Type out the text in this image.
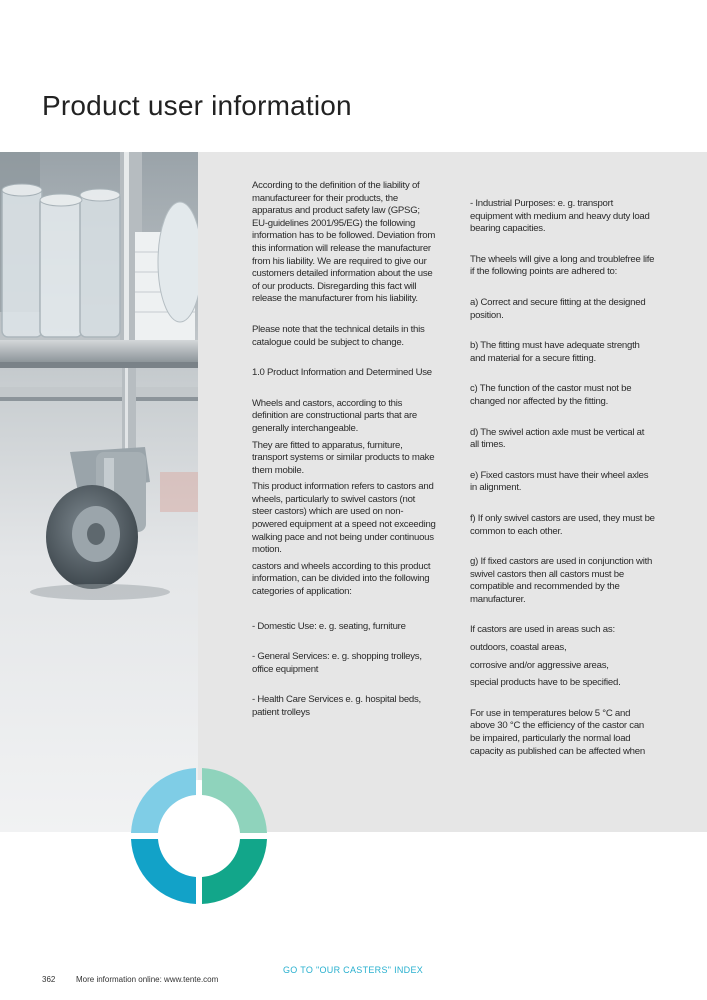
Product user information

According to the definition of the liability of manufactureer for their products, the apparatus and product safety law (GPSG; EU-guidelines 2001/95/EG) the following information has to be followed. Deviation from this information will release the manufacturer from his liability. We are required to give our customers detailed information about the use of our products. Disregarding this fact will release the manufacturer from his liability.

Please note that the technical details in this catalogue could be subject to change.

1.0 Product Information and Determined Use

Wheels and castors, according to this definition are constructional parts that are generally interchangeable.

They are fitted to apparatus, furniture, transport systems or similar products to make them mobile.

This product information refers to castors and wheels, particularly to swivel castors (not steer castors) which are used on non-powered equipment at a speed not exceeding walking pace and not being under continuous motion.

castors and wheels according to this product information, can be divided into the following categories of application:

- Domestic Use: e. g. seating, furniture

- General Services: e. g. shopping trolleys, office equipment

- Health Care Services e. g. hospital beds, patient trolleys

- Industrial Purposes: e. g. transport equipment with medium and heavy duty load bearing capacities.

The wheels will give a long and troublefree life if the following points are adhered to:

a) Correct and secure fitting at the designed position.

b) The fitting must have adequate strength and material for a secure fitting.

c) The function of the castor must not be changed nor affected by the fitting.

d) The swivel action axle must be vertical at all times.

e) Fixed castors must have their wheel axles in alignment.

f) If only swivel castors are used, they must be common to each other.

g) If fixed castors are used in conjunction with swivel castors then all castors must be compatible and recommended by the manufacturer.

If castors are used in areas such as:

outdoors, coastal areas,

corrosive and/or aggressive areas,

special products have to be specified.

For use in temperatures below 5 °C and above 30 °C the efficiency of the castor can be impaired, particularly the normal load capacity as published can be affected when

362	More information online: www.tente.com
GO TO "OUR CASTERS" INDEX
